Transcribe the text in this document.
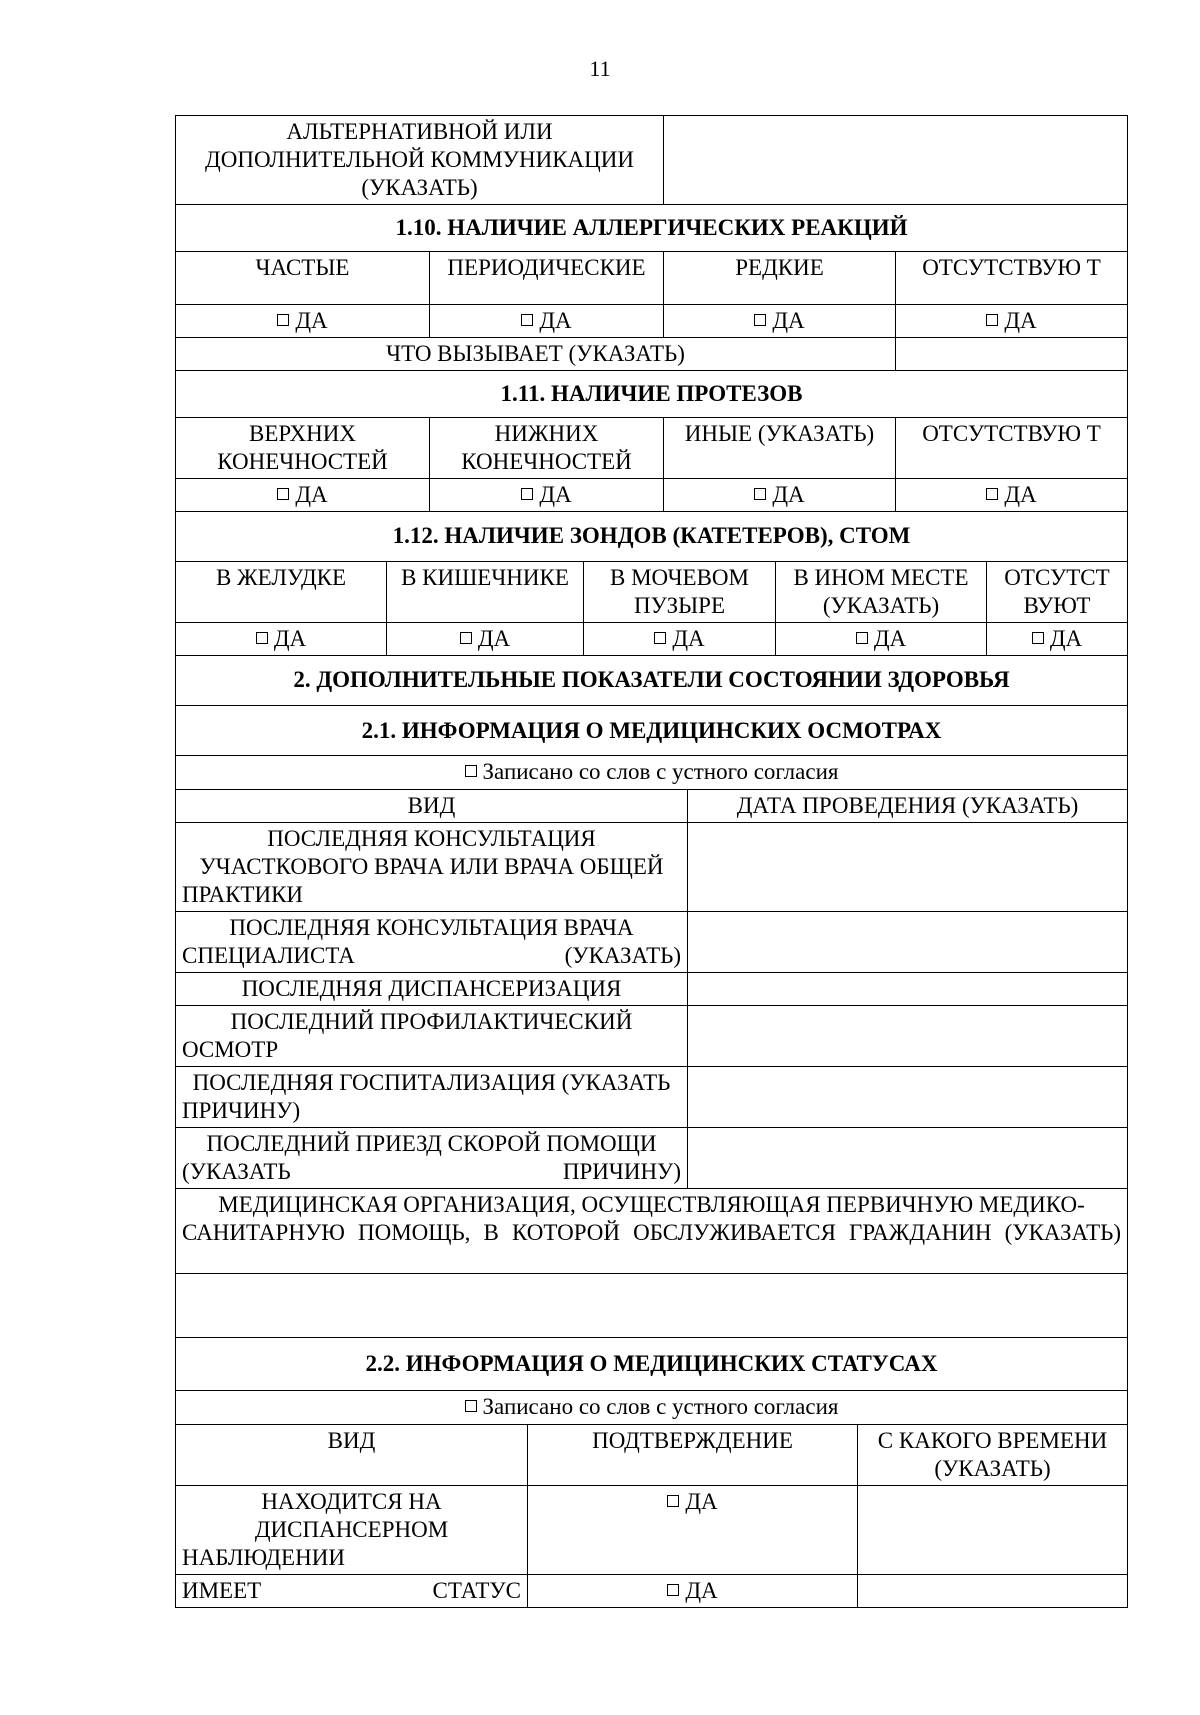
11
АЛЬТЕРНАТИВНОЙ ИЛИ ДОПОЛНИТЕЛЬНОЙ КОММУНИКАЦИИ (УКАЗАТЬ)	
1.10. НАЛИЧИЕ АЛЛЕРГИЧЕСКИХ РЕАКЦИЙ			
ЧАСТЫЕ	ПЕРИОДИЧЕСКИЕ	РЕДКИЕ	ОТСУТСТВУЮ Т
ДА	ДА	ДА	ДА
ЧТО ВЫЗЫВАЕТ (УКАЗАТЬ)			
1.11. НАЛИЧИЕ ПРОТЕЗОВ			
ВЕРХНИХ КОНЕЧНОСТЕЙ	НИЖНИХ КОНЕЧНОСТЕЙ	ИНЫЕ (УКАЗАТЬ)	ОТСУТСТВУЮ Т
ДА	ДА	ДА	ДА
1.12. НАЛИЧИЕ ЗОНДОВ (КАТЕТЕРОВ), СТОМ				
В ЖЕЛУДКЕ	В КИШЕЧНИКЕ	В МОЧЕВОМ ПУЗЫРЕ	В ИНОМ МЕСТЕ (УКАЗАТЬ)	ОТСУТСТ ВУЮТ
ДА	ДА	ДА	ДА	ДА
2. ДОПОЛНИТЕЛЬНЫЕ ПОКАЗАТЕЛИ СОСТОЯНИИ ЗДОРОВЬЯ	
2.1. ИНФОРМАЦИЯ О МЕДИЦИНСКИХ ОСМОТРАХ	
Записано со слов с устного согласия	
ВИД	ДАТА ПРОВЕДЕНИЯ (УКАЗАТЬ)
ПОСЛЕДНЯЯ КОНСУЛЬТАЦИЯ УЧАСТКОВОГО ВРАЧА ИЛИ ВРАЧА ОБЩЕЙ ПРАКТИКИ	
ПОСЛЕДНЯЯ КОНСУЛЬТАЦИЯ ВРАЧА СПЕЦИАЛИСТА (УКАЗАТЬ)	
ПОСЛЕДНЯЯ ДИСПАНСЕРИЗАЦИЯ	
ПОСЛЕДНИЙ ПРОФИЛАКТИЧЕСКИЙ ОСМОТР	
ПОСЛЕДНЯЯ ГОСПИТАЛИЗАЦИЯ (УКАЗАТЬ ПРИЧИНУ)	
ПОСЛЕДНИЙ ПРИЕЗД СКОРОЙ ПОМОЩИ (УКАЗАТЬ ПРИЧИНУ)	
МЕДИЦИНСКАЯ ОРГАНИЗАЦИЯ, ОСУЩЕСТВЛЯЮЩАЯ ПЕРВИЧНУЮ МЕДИКО-САНИТАРНУЮ ПОМОЩЬ, В КОТОРОЙ ОБСЛУЖИВАЕТСЯ ГРАЖДАНИН (УКАЗАТЬ)	

2.2. ИНФОРМАЦИЯ О МЕДИЦИНСКИХ СТАТУСАХ		
Записано со слов с устного согласия		
ВИД	ПОДТВЕРЖДЕНИЕ	С КАКОГО ВРЕМЕНИ (УКАЗАТЬ)
НАХОДИТСЯ НА ДИСПАНСЕРНОМ НАБЛЮДЕНИИ	ДА	
ИМЕЕТ СТАТУС	ДА	
